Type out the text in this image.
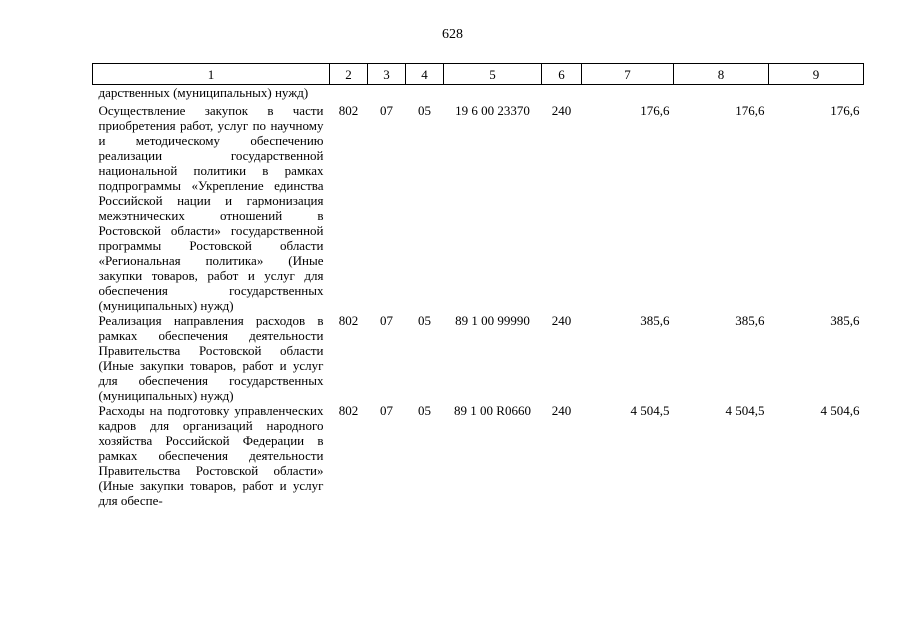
628
1	2	3	4	5	6	7	8	9
дарственных (муниципальных) нужд)								
Осуществление закупок в части приобретения работ, услуг по научному и методическому обеспечению реализации государственной национальной политики в рамках подпрограммы «Укрепление единства Российской нации и гармонизация межэтнических отношений в Ростовской области» государственной программы Ростовской области «Региональная политика» (Иные закупки товаров, работ и услуг для обеспечения государственных (муниципальных) нужд)	802	07	05	19 6 00 23370	240	176,6	176,6	176,6
Реализация направления расходов в рамках обеспечения деятельности Правительства Ростовской области (Иные закупки товаров, работ и услуг для обеспечения государственных (муниципальных) нужд)	802	07	05	89 1 00 99990	240	385,6	385,6	385,6
Расходы на подготовку управленческих кадров для организаций народного хозяйства Российской Федерации в рамках обеспечения деятельности Правительства Ростовской области» (Иные закупки товаров, работ и услуг для обеспе-	802	07	05	89 1 00 R0660	240	4 504,5	4 504,5	4 504,6
